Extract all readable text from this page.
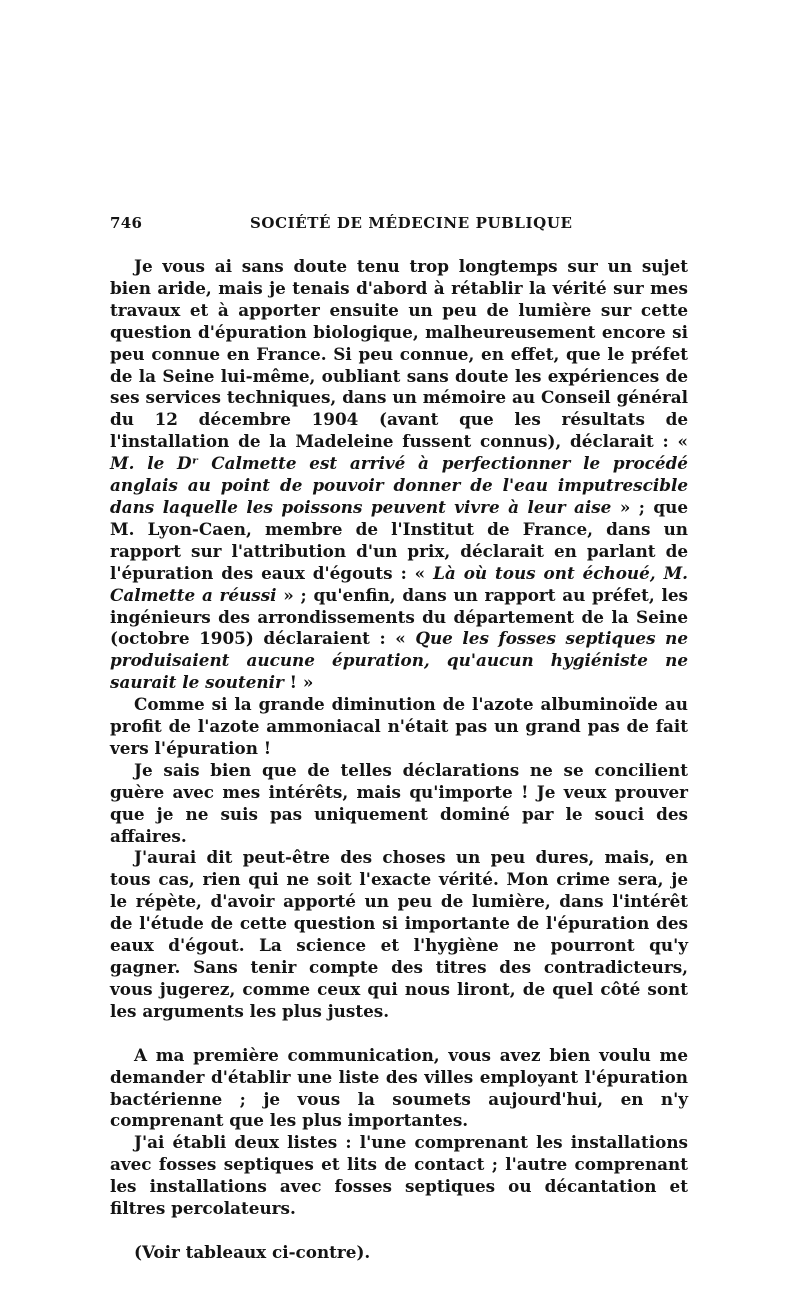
746	SOCIÉTÉ DE MÉDECINE PUBLIQUE

Je vous ai sans doute tenu trop longtemps sur un sujet bien aride, mais je tenais d'abord à rétablir la vérité sur mes travaux et à apporter ensuite un peu de lumière sur cette question d'épuration biologique, malheureusement encore si peu connue en France. Si peu connue, en effet, que le préfet de la Seine lui-même, oubliant sans doute les expériences de ses services techniques, dans un mémoire au Conseil général du 12 décembre 1904 (avant que les résultats de l'installation de la Madeleine fussent connus), déclarait : « M. le Dʳ Calmette est arrivé à perfectionner le procédé anglais au point de pouvoir donner de l'eau imputrescible dans laquelle les poissons peuvent vivre à leur aise » ; que M. Lyon-Caen, membre de l'Institut de France, dans un rapport sur l'attribution d'un prix, déclarait en parlant de l'épuration des eaux d'égouts : « Là où tous ont échoué, M. Calmette a réussi » ; qu'enfin, dans un rapport au préfet, les ingénieurs des arrondissements du département de la Seine (octobre 1905) déclaraient : « Que les fosses septiques ne produisaient aucune épuration, qu'aucun hygiéniste ne saurait le soutenir ! »

Comme si la grande diminution de l'azote albuminoïde au profit de l'azote ammoniacal n'était pas un grand pas de fait vers l'épuration !

Je sais bien que de telles déclarations ne se concilient guère avec mes intérêts, mais qu'importe ! Je veux prouver que je ne suis pas uniquement dominé par le souci des affaires.

J'aurai dit peut-être des choses un peu dures, mais, en tous cas, rien qui ne soit l'exacte vérité. Mon crime sera, je le répète, d'avoir apporté un peu de lumière, dans l'intérêt de l'étude de cette question si importante de l'épuration des eaux d'égout. La science et l'hygiène ne pourront qu'y gagner. Sans tenir compte des titres des contradicteurs, vous jugerez, comme ceux qui nous liront, de quel côté sont les arguments les plus justes.

A ma première communication, vous avez bien voulu me demander d'établir une liste des villes employant l'épuration bactérienne ; je vous la soumets aujourd'hui, en n'y comprenant que les plus importantes.

J'ai établi deux listes : l'une comprenant les installations avec fosses septiques et lits de contact ; l'autre comprenant les installations avec fosses septiques ou décantation et filtres percolateurs.

(Voir tableaux ci-contre).
